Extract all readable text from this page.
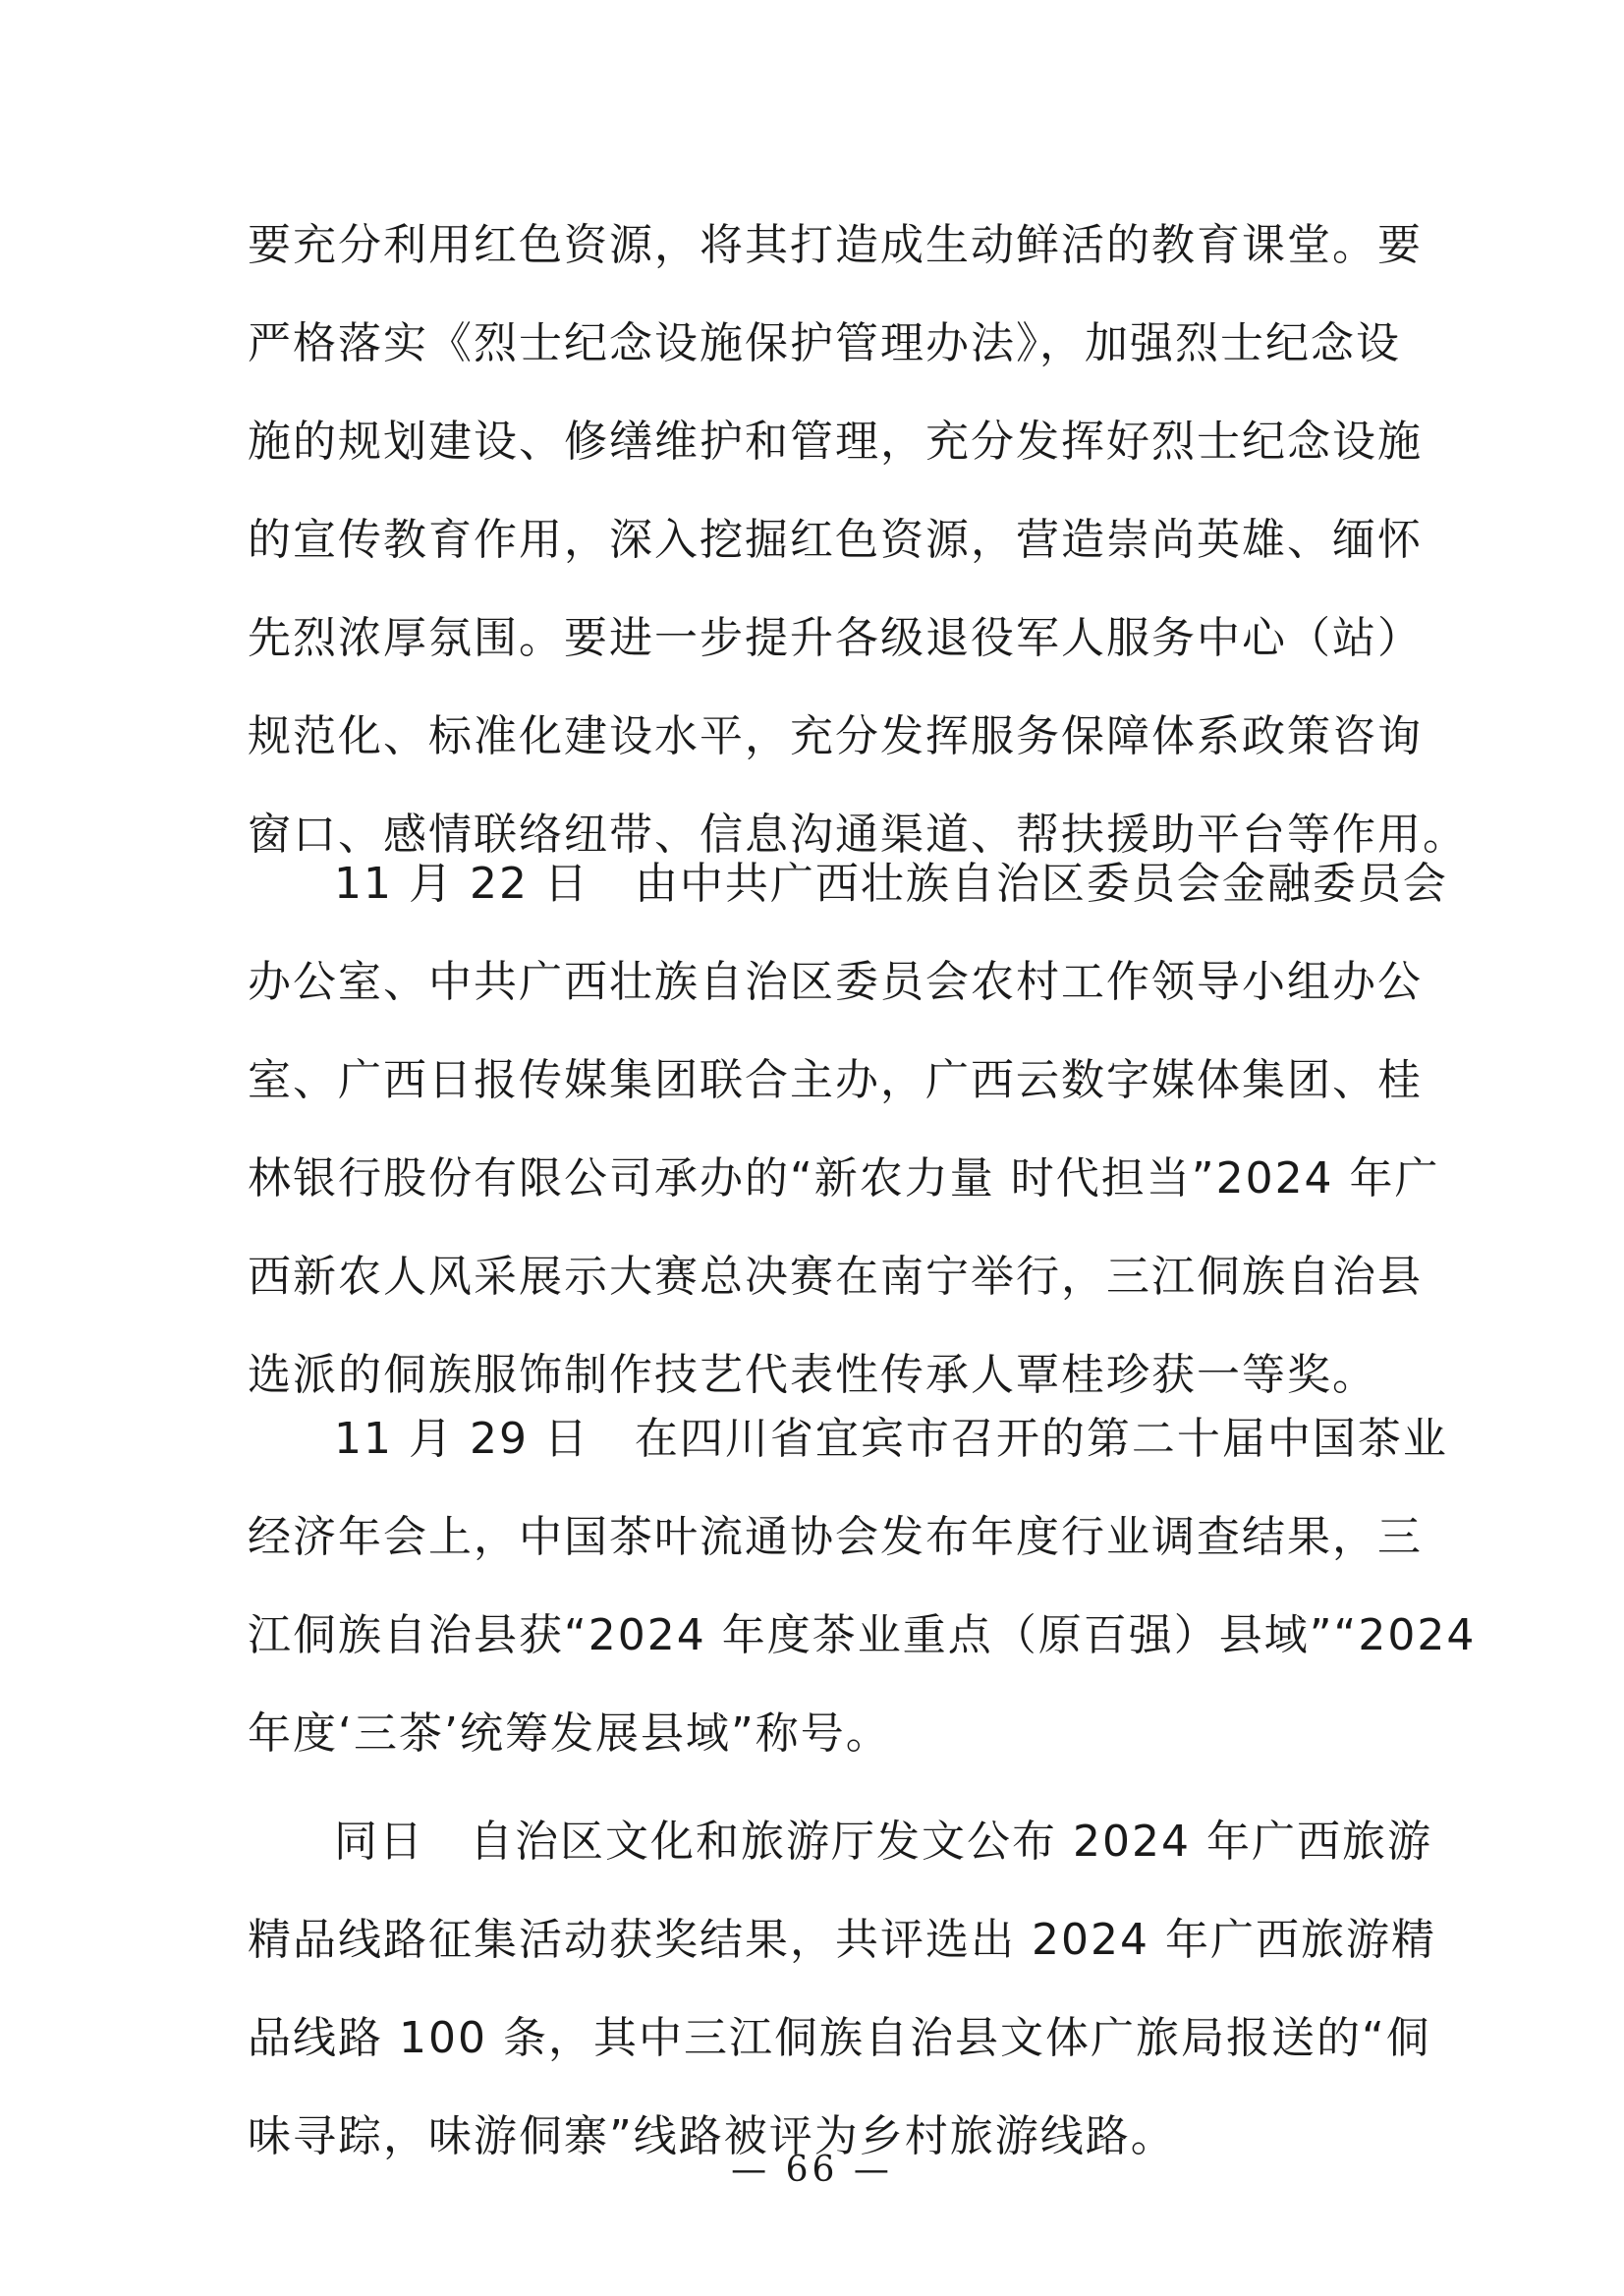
要充分利用红色资源，将其打造成生动鲜活的教育课堂。要
严格落实《烈士纪念设施保护管理办法》，加强烈士纪念设
施的规划建设、修缮维护和管理，充分发挥好烈士纪念设施
的宣传教育作用，深入挖掘红色资源，营造崇尚英雄、缅怀
先烈浓厚氛围。要进一步提升各级退役军人服务中心（站）
规范化、标准化建设水平，充分发挥服务保障体系政策咨询
窗口、感情联络纽带、信息沟通渠道、帮扶援助平台等作用。
11 月 22 日　由中共广西壮族自治区委员会金融委员会
办公室、中共广西壮族自治区委员会农村工作领导小组办公
室、广西日报传媒集团联合主办，广西云数字媒体集团、桂
林银行股份有限公司承办的“新农力量 时代担当”2024 年广
西新农人风采展示大赛总决赛在南宁举行，三江侗族自治县
选派的侗族服饰制作技艺代表性传承人覃桂珍获一等奖。
11 月 29 日　在四川省宜宾市召开的第二十届中国茶业
经济年会上，中国茶叶流通协会发布年度行业调查结果，三
江侗族自治县获“2024 年度茶业重点（原百强）县域”“2024
年度‘三茶’统筹发展县域”称号。
同日　自治区文化和旅游厅发文公布 2024 年广西旅游
精品线路征集活动获奖结果，共评选出 2024 年广西旅游精
品线路 100 条，其中三江侗族自治县文体广旅局报送的“侗
味寻踪，味游侗寨”线路被评为乡村旅游线路。
— 66 —
